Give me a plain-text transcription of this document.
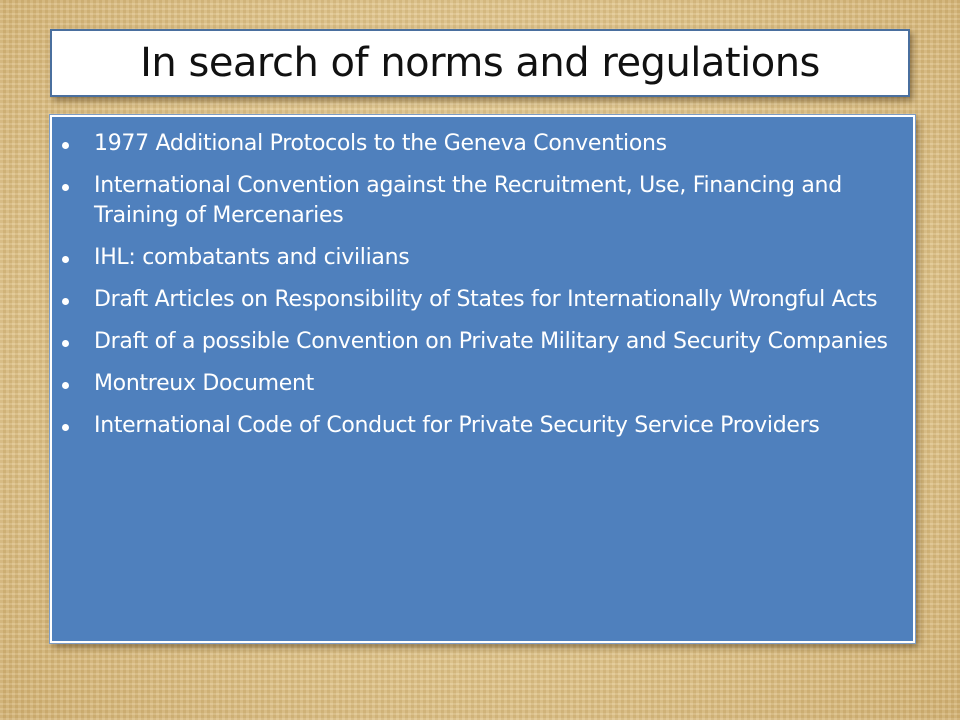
In search of norms and regulations
1977 Additional Protocols to the Geneva Conventions
International Convention against the Recruitment, Use, Financing and Training of Mercenaries
IHL: combatants and civilians
Draft Articles on Responsibility of States for Internationally Wrongful Acts
Draft of a possible Convention on Private Military and Security Companies
Montreux Document
International Code of Conduct for Private Security Service Providers
